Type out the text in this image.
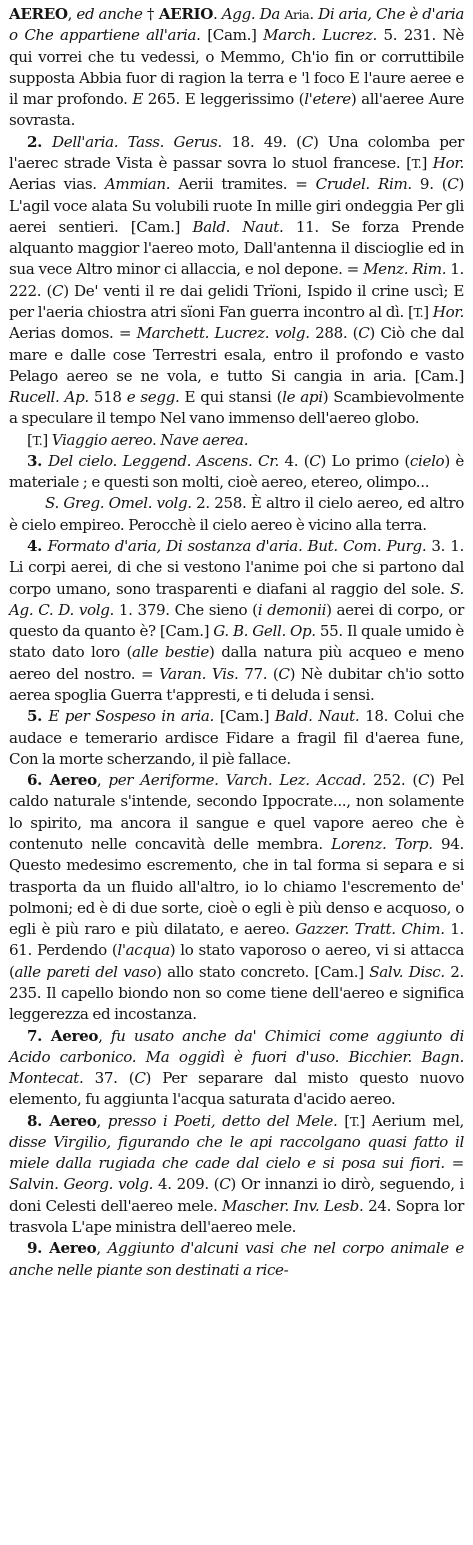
AEREO, ed anche † AERIO. Agg. Da Aria. Di aria, Che è d'aria o Che appartiene all'aria. [Cam.] March. Lucrez. 5. 231. Nè qui vorrei che tu vedessi, o Memmo, Ch'io fin or corruttibile supposta Abbia fuor di ragion la terra e 'l foco E l'aure aeree e il mar profondo. E 265. E leggerissimo (l'etere) all'aeree Aure sovrasta.

2. Dell'aria. Tass. Gerus. 18. 49. (C) Una colomba per l'aerec strade Vista è passar sovra lo stuol francese. [T.] Hor. Aerias vias. Ammian. Aerii tramites. = Crudel. Rim. 9. (C) L'agil voce alata Su volubili ruote In mille giri ondeggia Per gli aerei sentieri. [Cam.] Bald. Naut. 11. Se forza Prende alquanto maggior l'aereo moto, Dall'antenna il discioglie ed in sua vece Altro minor ci allaccia, e nol depone. = Menz. Rim. 1. 222. (C) De' venti il re dai gelidi Trïoni, Ispido il crine uscì; E per l'aeria chiostra atri sïoni Fan guerra incontro al dì. [T.] Hor. Aerias domos. = Marchett. Lucrez. volg. 288. (C) Ciò che dal mare e dalle cose Terrestri esala, entro il profondo e vasto Pelago aereo se ne vola, e tutto Si cangia in aria. [Cam.] Rucell. Ap. 518 e segg. E qui stansi (le api) Scambievolmente a speculare il tempo Nel vano immenso dell'aereo globo.

[T.] Viaggio aereo. Nave aerea.

3. Del cielo. Leggend. Ascens. Cr. 4. (C) Lo primo (cielo) è materiale ; e questi son molti, cioè aereo, etereo, olimpo...

S. Greg. Omel. volg. 2. 258. È altro il cielo aereo, ed altro è cielo empireo. Perocchè il cielo aereo è vicino alla terra.

4. Formato d'aria, Di sostanza d'aria. But. Com. Purg. 3. 1. Li corpi aerei, di che si vestono l'anime poi che si partono dal corpo umano, sono trasparenti e diafani al raggio del sole. S. Ag. C. D. volg. 1. 379. Che sieno (i demonii) aerei di corpo, or questo da quanto è? [Cam.] G. B. Gell. Op. 55. Il quale umido è stato dato loro (alle bestie) dalla natura più acqueo e meno aereo del nostro. = Varan. Vis. 77. (C) Nè dubitar ch'io sotto aerea spoglia Guerra t'appresti, e ti deluda i sensi.

5. E per Sospeso in aria. [Cam.] Bald. Naut. 18. Colui che audace e temerario ardisce Fidare a fragil fil d'aerea fune, Con la morte scherzando, il piè fallace.

6. Aereo, per Aeriforme. Varch. Lez. Accad. 252. (C) Pel caldo naturale s'intende, secondo Ippocrate..., non solamente lo spirito, ma ancora il sangue e quel vapore aereo che è contenuto nelle concavità delle membra. Lorenz. Torp. 94. Questo medesimo escremento, che in tal forma si separa e si trasporta da un fluido all'altro, io lo chiamo l'escremento de' polmoni; ed è di due sorte, cioè o egli è più denso e acquoso, o egli è più raro e più dilatato, e aereo. Gazzer. Tratt. Chim. 1. 61. Perdendo (l'acqua) lo stato vaporoso o aereo, vi si attacca (alle pareti del vaso) allo stato concreto. [Cam.] Salv. Disc. 2. 235. Il capello biondo non so come tiene dell'aereo e significa leggerezza ed incostanza.

7. Aereo, fu usato anche da' Chimici come aggiunto di Acido carbonico. Ma oggidì è fuori d'uso. Bicchier. Bagn. Montecat. 37. (C) Per separare dal misto questo nuovo elemento, fu aggiunta l'acqua saturata d'acido aereo.

8. Aereo, presso i Poeti, detto del Mele. [T.] Aerium mel, disse Virgilio, figurando che le api raccolgano quasi fatto il miele dalla rugiada che cade dal cielo e si posa sui fiori. = Salvin. Georg. volg. 4. 209. (C) Or innanzi io dirò, seguendo, i doni Celesti dell'aereo mele. Mascher. Inv. Lesb. 24. Sopra lor trasvola L'ape ministra dell'aereo mele.

9. Aereo, Aggiunto d'alcuni vasi che nel corpo animale e anche nelle piante son destinati a rice-
